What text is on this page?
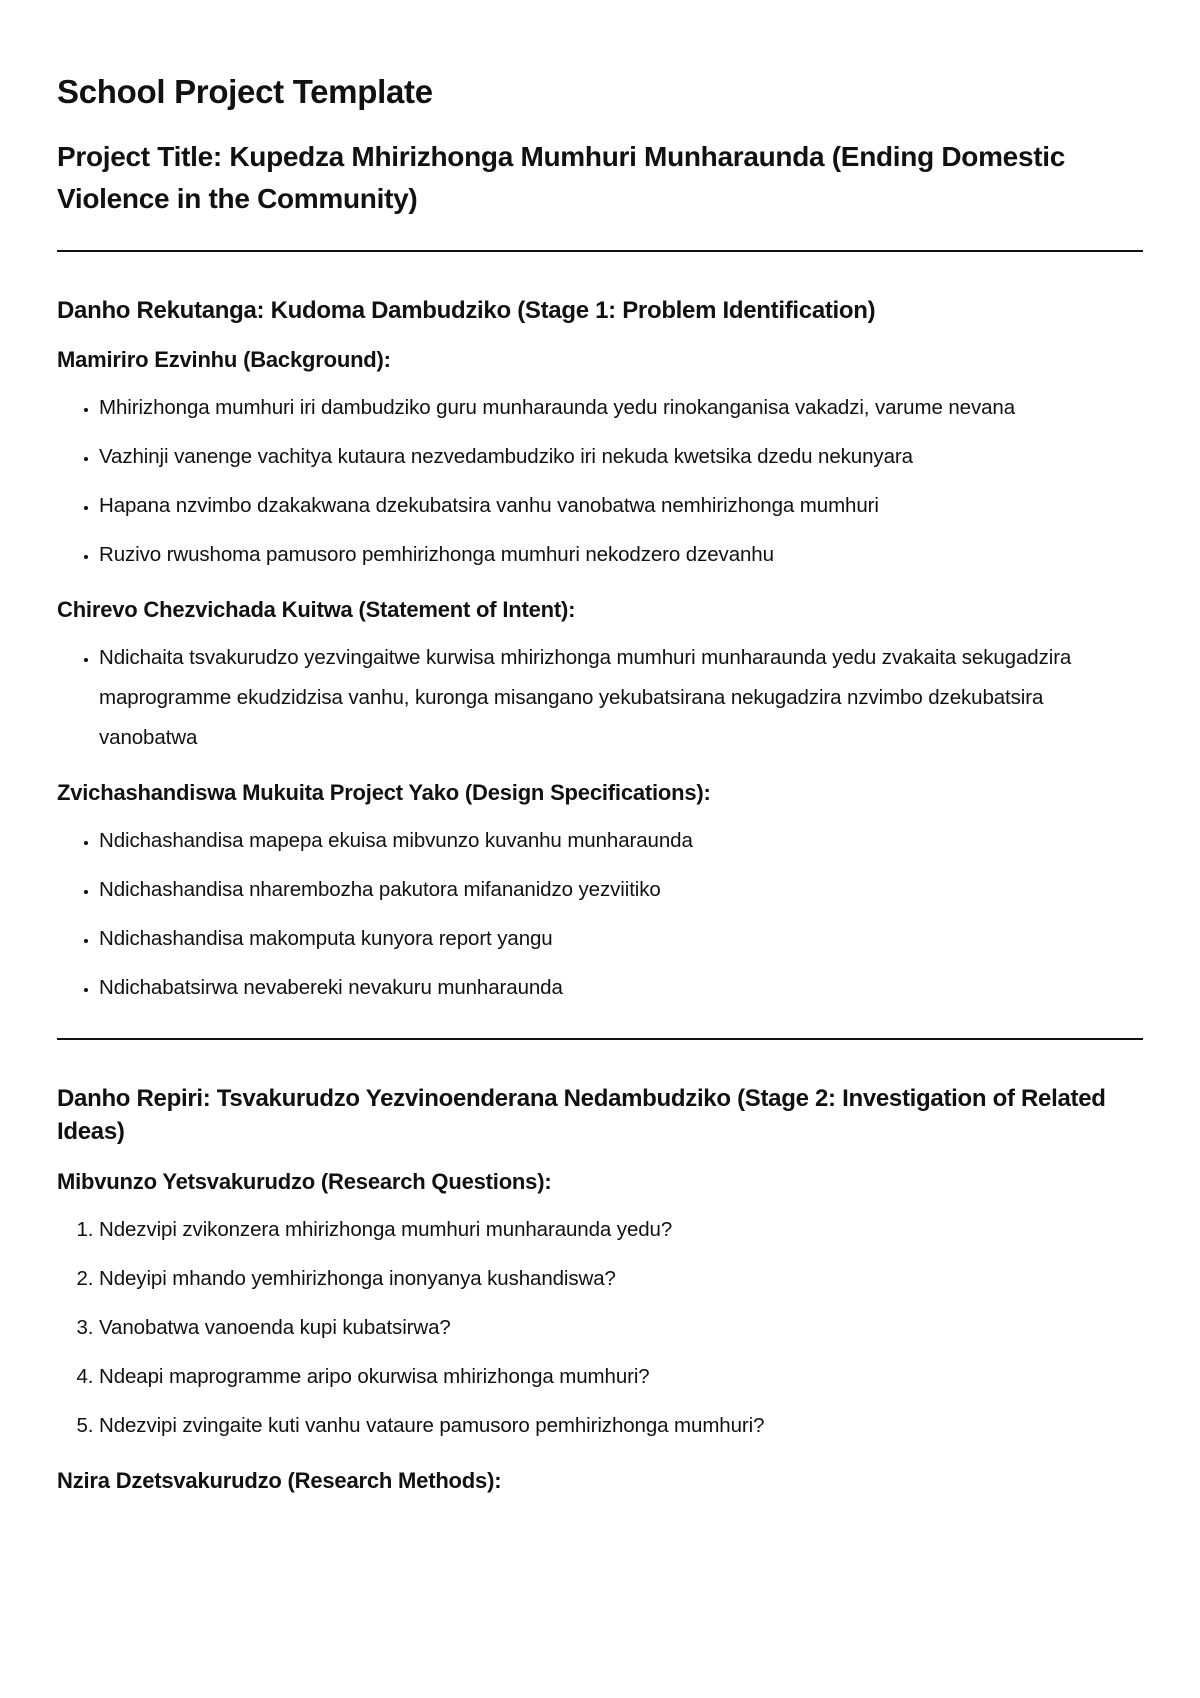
School Project Template
Project Title: Kupedza Mhirizhonga Mumhuri Munharaunda (Ending Domestic Violence in the Community)
Danho Rekutanga: Kudoma Dambudziko (Stage 1: Problem Identification)
Mamiriro Ezvinhu (Background):
• Mhirizhonga mumhuri iri dambudziko guru munharaunda yedu rinokanganisa vakadzi, varume nevana
• Vazhinji vanenge vachitya kutaura nezvedambudziko iri nekuda kwetsika dzedu nekunyara
• Hapana nzvimbo dzakakwana dzekubatsira vanhu vanobatwa nemhirizhonga mumhuri
• Ruzivo rwushoma pamusoro pemhirizhonga mumhuri nekodzero dzevanhu
Chirevo Chezvichada Kuitwa (Statement of Intent):
• Ndichaita tsvakurudzo yezvingaitwe kurwisa mhirizhonga mumhuri munharaunda yedu zvakaita sekugadzira maprogramme ekudzidzisa vanhu, kuronga misangano yekubatsirana nekugadzira nzvimbo dzekubatsira vanobatwa
Zvichashandiswa Mukuita Project Yako (Design Specifications):
• Ndichashandisa mapepa ekuisa mibvunzo kuvanhu munharaunda
• Ndichashandisa nharembozha pakutora mifananidzo yezviitiko
• Ndichashandisa makomputa kunyora report yangu
• Ndichabatsirwa nevabereki nevakuru munharaunda
Danho Repiri: Tsvakurudzo Yezvinoenderana Nedambudziko (Stage 2: Investigation of Related Ideas)
Mibvunzo Yetsvakurudzo (Research Questions):
1. Ndezvipi zvikonzera mhirizhonga mumhuri munharaunda yedu?
2. Ndeyipi mhando yemhirizhonga inonyanya kushandiswa?
3. Vanobatwa vanoenda kupi kubatsirwa?
4. Ndeapi maprogramme aripo okurwisa mhirizhonga mumhuri?
5. Ndezvipi zvingaite kuti vanhu vataure pamusoro pemhirizhonga mumhuri?
Nzira Dzetsvakurudzo (Research Methods):
